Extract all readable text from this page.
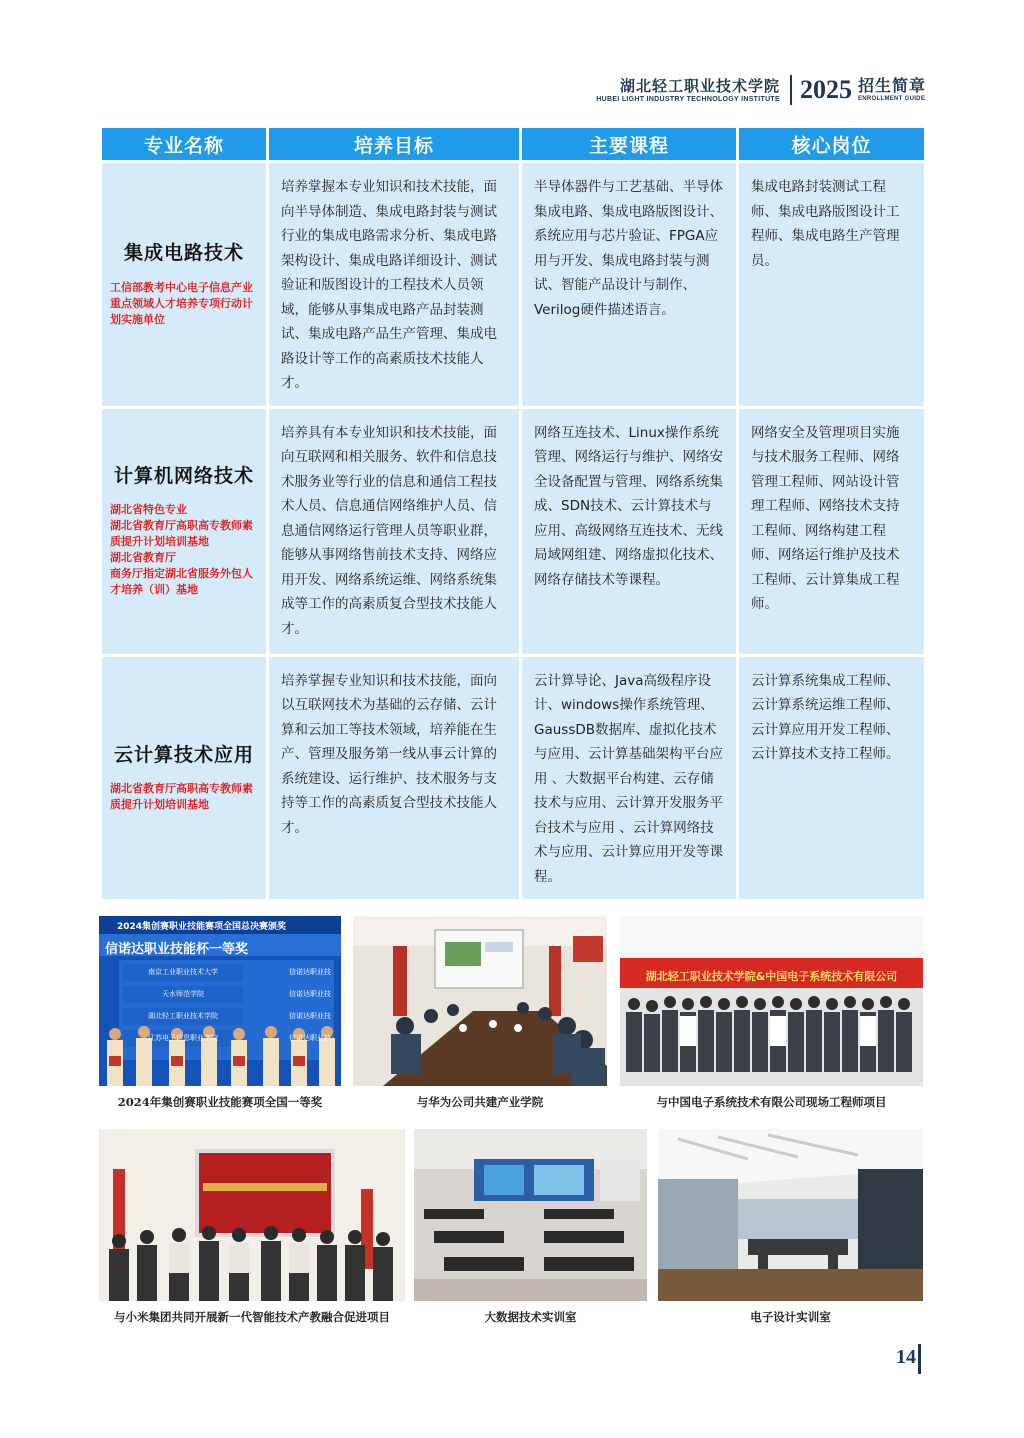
湖北轻工职业技术学院
HUBEI LIGHT INDUSTRY TECHNOLOGY INSTITUTE 2025 招生简章
ENROLLMENT GUIDE
专业名称	培养目标	主要课程	核心岗位

集成电路技术
工信部教考中心电子信息产业重点领域人才培养专项行动计划实施单位	培养掌握本专业知识和技术技能，面向半导体制造、集成电路封装与测试行业的集成电路需求分析、集成电路架构设计、集成电路详细设计、测试验证和版图设计的工程技术人员领域，能够从事集成电路产品封装测试、集成电路产品生产管理、集成电路设计等工作的高素质技术技能人才。	半导体器件与工艺基础、半导体集成电路、集成电路版图设计、系统应用与芯片验证、FPGA应用与开发、集成电路封装与测试、智能产品设计与制作、Verilog硬件描述语言。	集成电路封装测试工程师、集成电路版图设计工程师、集成电路生产管理员。

计算机网络技术
湖北省特色专业
湖北省教育厅高职高专教师素质提升计划培训基地
湖北省教育厅
商务厅指定湖北省服务外包人才培养（训）基地	培养具有本专业知识和技术技能，面向互联网和相关服务、软件和信息技术服务业等行业的信息和通信工程技术人员、信息通信网络维护人员、信息通信网络运行管理人员等职业群，能够从事网络售前技术支持、网络应用开发、网络系统运维、网络系统集成等工作的高素质复合型技术技能人才。	网络互连技术、Linux操作系统管理、网络运行与维护、网络安全设备配置与管理、网络系统集成、SDN技术、云计算技术与应用、高级网络互连技术、无线局域网组建、网络虚拟化技术、网络存储技术等课程。	网络安全及管理项目实施与技术服务工程师、网络管理工程师、网站设计管理工程师、网络技术支持工程师、网络构建工程师、网络运行维护及技术工程师、云计算集成工程师。

云计算技术应用
湖北省教育厅高职高专教师素质提升计划培训基地	培养掌握专业知识和技术技能，面向以互联网技术为基础的云存储、云计算和云加工等技术领域，培养能在生产、管理及服务第一线从事云计算的系统建设、运行维护、技术服务与支持等工作的高素质复合型技术技能人才。	云计算导论、Java高级程序设计、windows操作系统管理、GaussDB数据库、虚拟化技术与应用、云计算基础架构平台应用 、大数据平台构建、云存储技术与应用、云计算开发服务平台技术与应用 、云计算网络技术与应用、云计算应用开发等课程。	云计算系统集成工程师、云计算系统运维工程师、云计算应用开发工程师、云计算技术支持工程师。
2024集创赛职业技能赛项全国总决赛颁奖
信诺达职业技能杯一等奖
南京工业职业技术大学	信诺达职业技
天水师范学院	信诺达职业技
湖北轻工职业技术学院	信诺达职业技
江苏电子信息职业学院	信诺达职业技
湖北轻工职业技术学院&中国电子系统技术有限公司
2024年集创赛职业技能赛项全国一等奖	与华为公司共建产业学院	与中国电子系统技术有限公司现场工程师项目
与小米集团共同开展新一代智能技术产教融合促进项目	大数据技术实训室	电子设计实训室
14
